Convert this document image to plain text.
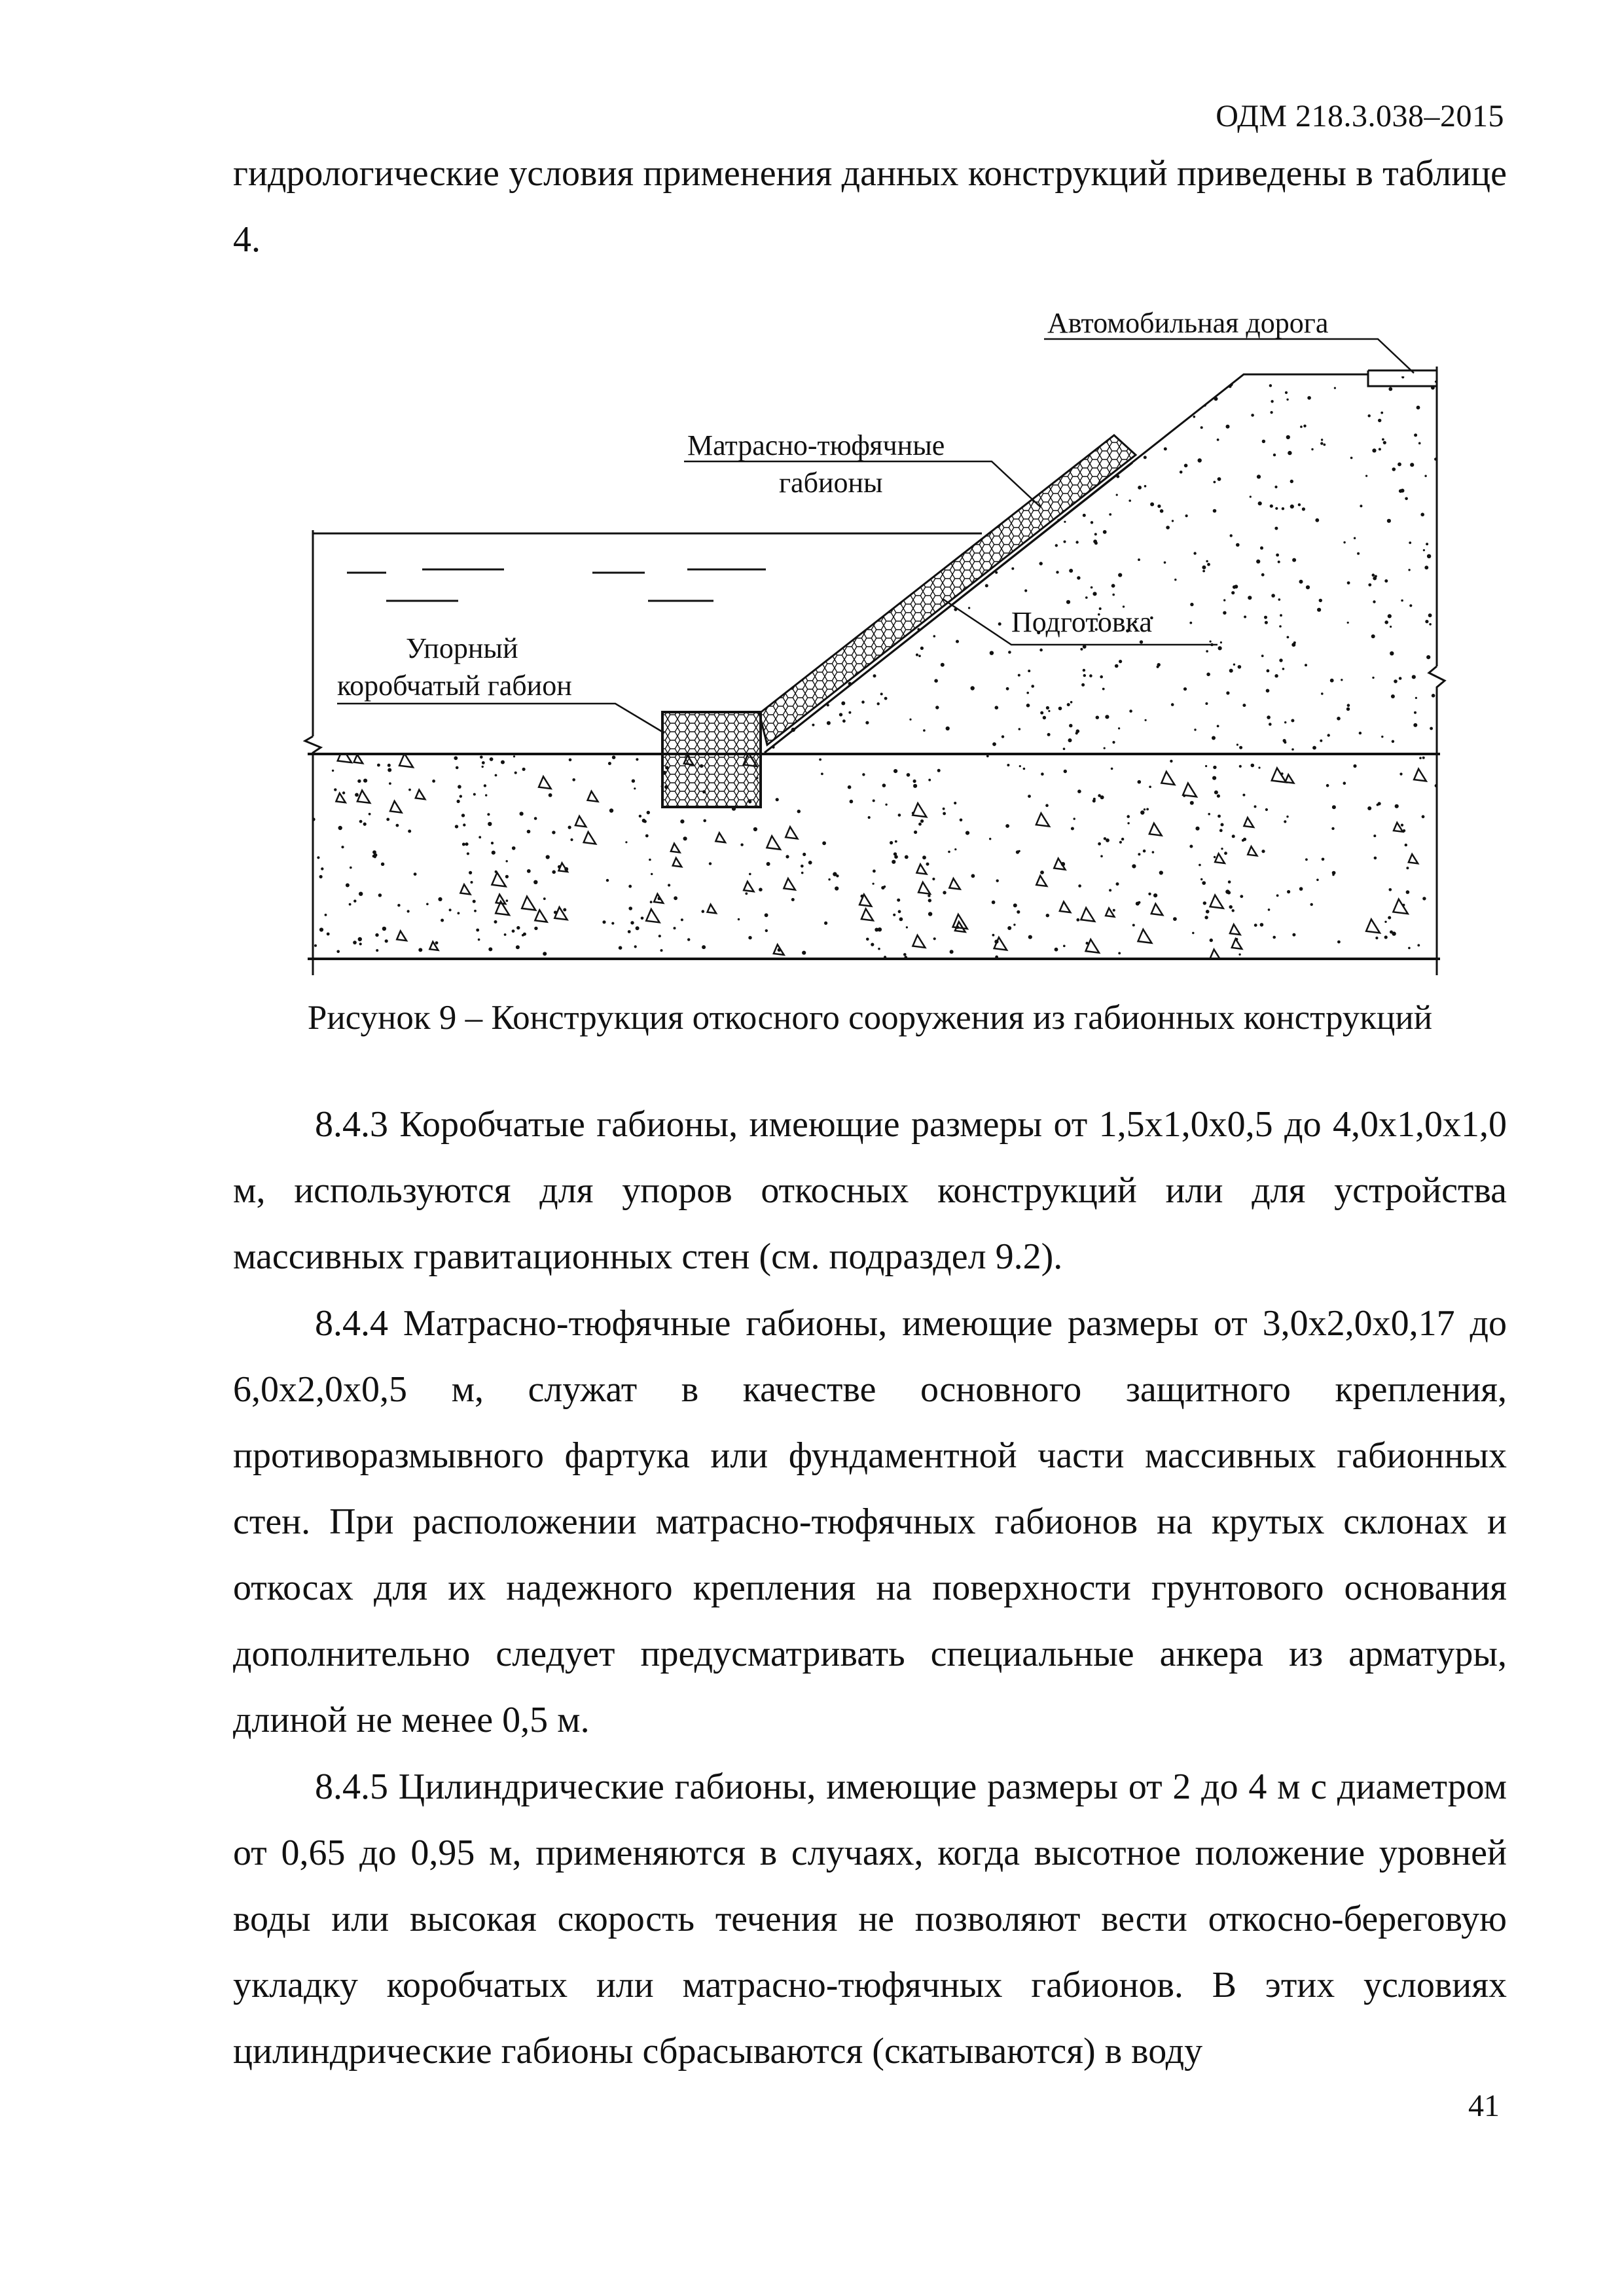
ОДМ 218.3.038–2015

гидрологические условия применения данных конструкций приведены в таблице 4.

Автомобильная дорога
Матрасно-тюфячные
габионы
Подготовка
Упорный
коробчатый габион
Рисунок 9 – Конструкция откосного сооружения из габионных конструкций

8.4.3 Коробчатые габионы, имеющие размеры от 1,5х1,0х0,5 до 4,0х1,0х1,0 м, используются для упоров откосных конструкций или для устройства массивных гравитационных стен (см. подраздел 9.2).

8.4.4 Матрасно-тюфячные габионы, имеющие размеры от 3,0х2,0х0,17 до 6,0х2,0х0,5 м, служат в качестве основного защитного крепления, противоразмывного фартука или фундаментной части массивных габионных стен. При расположении матрасно-тюфячных габионов на крутых склонах и откосах для их надежного крепления на поверхности грунтового основания дополнительно следует предусматривать специальные анкера из арматуры, длиной не менее 0,5 м.

8.4.5 Цилиндрические габионы, имеющие размеры от 2 до 4 м с диаметром от 0,65 до 0,95 м, применяются в случаях, когда высотное положение уровней воды или высокая скорость течения не позволяют вести откосно-береговую укладку коробчатых или матрасно-тюфячных габионов. В этих условиях цилиндрические габионы сбрасываются (скатываются) в воду

41
